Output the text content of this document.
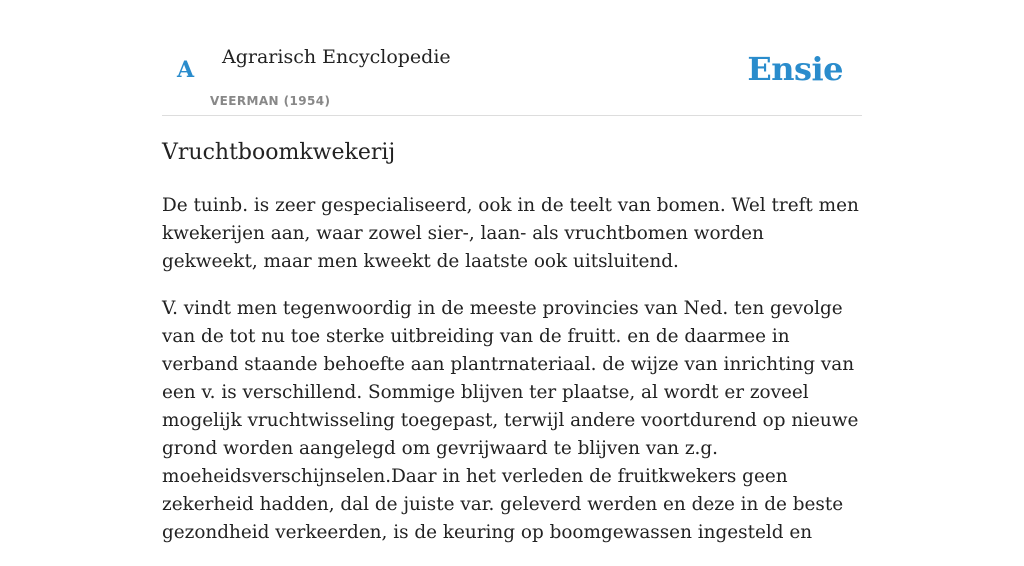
A Agrarisch Encyclopedie
VEERMAN (1954)
Ensie
Vruchtboomkwekerij

De tuinb. is zeer gespecialiseerd, ook in de teelt van bomen. Wel treft men kwekerijen aan, waar zowel sier-, laan- als vruchtbomen worden gekweekt, maar men kweekt de laatste ook uitsluitend.

V. vindt men tegenwoordig in de meeste provincies van Ned. ten gevolge van de tot nu toe sterke uitbreiding van de fruitt. en de daarmee in verband staande behoefte aan plantrnateriaal. de wijze van inrichting van een v. is verschillend. Sommige blijven ter plaatse, al wordt er zoveel mogelijk vruchtwisseling toegepast, terwijl andere voortdurend op nieuwe grond worden aangelegd om gevrijwaard te blijven van z.g. moeheidsverschijnselen.Daar in het verleden de fruitkwekers geen zekerheid hadden, dal de juiste var. geleverd werden en deze in de beste gezondheid verkeerden, is de keuring op boomgewassen ingesteld en
